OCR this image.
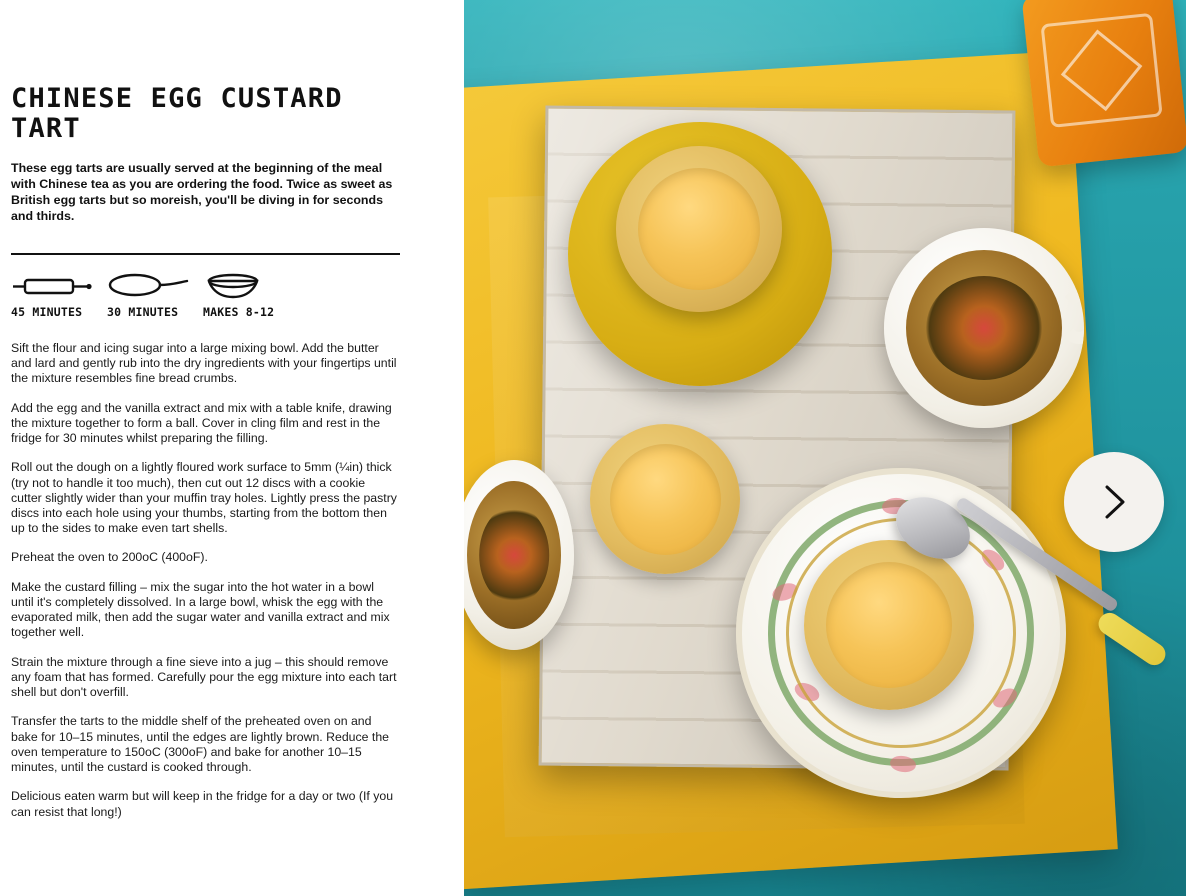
CHINESE EGG CUSTARD TART

These egg tarts are usually served at the beginning of the meal with Chinese tea as you are ordering the food. Twice as sweet as British egg tarts but so moreish, you'll be diving in for seconds and thirds.

45 MINUTES	30 MINUTES	MAKES 8-12

Sift the flour and icing sugar into a large mixing bowl. Add the butter and lard and gently rub into the dry ingredients with your fingertips until the mixture resembles fine bread crumbs.

Add the egg and the vanilla extract and mix with a table knife, drawing the mixture together to form a ball. Cover in cling film and rest in the fridge for 30 minutes whilst preparing the filling.

Roll out the dough on a lightly floured work surface to 5mm (¼in) thick (try not to handle it too much), then cut out 12 discs with a cookie cutter slightly wider than your muffin tray holes. Lightly press the pastry discs into each hole using your thumbs, starting from the bottom then up to the sides to make even tart shells.

Preheat the oven to 200oC (400oF).

Make the custard filling – mix the sugar into the hot water in a bowl until it's completely dissolved. In a large bowl, whisk the egg with the evaporated milk, then add the sugar water and vanilla extract and mix together well.

Strain the mixture through a fine sieve into a jug – this should remove any foam that has formed. Carefully pour the egg mixture into each tart shell but don't overfill.

Transfer the tarts to the middle shelf of the preheated oven on and bake for 10–15 minutes, until the edges are lightly brown. Reduce the oven temperature to 150oC (300oF) and bake for another 10–15 minutes, until the custard is cooked through.

Delicious eaten warm but will keep in the fridge for a day or two (If you can resist that long!)
